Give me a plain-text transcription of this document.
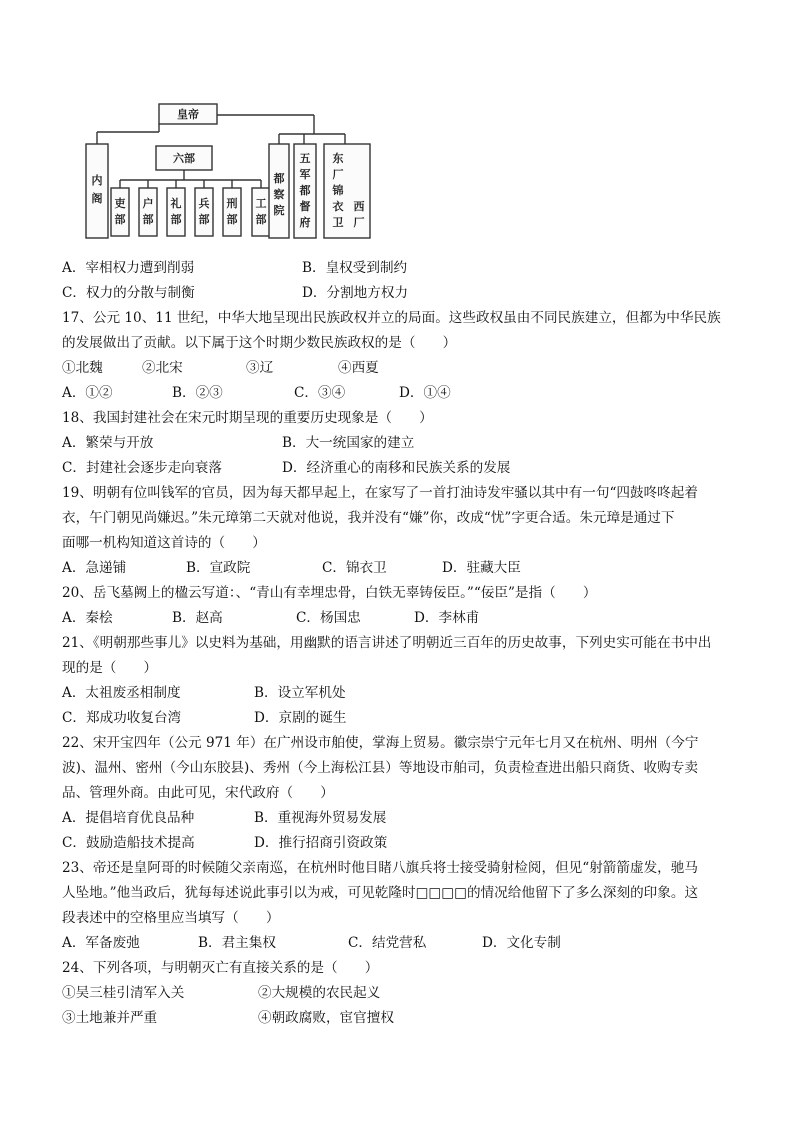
皇帝
六部
内
阁 吏
部
户
部
礼
部
兵
部
刑
部
工
部
都
察
院
五
军
都
督
府
东
厂
锦
衣
卫
西
厂
A．宰相权力遭到削弱	B．皇权受到制约
C．权力的分散与制衡	D．分割地方权力
17、公元 10、11 世纪，中华大地呈现出民族政权并立的局面。这些政权虽由不同民族建立，但都为中华民族
的发展做出了贡献。以下属于这个时期少数民族政权的是（　　）
①北魏	②北宋	③辽	④西夏
A．①②	B．②③	C．③④	D．①④
18、我国封建社会在宋元时期呈现的重要历史现象是（　　）
A．繁荣与开放	B．大一统国家的建立
C．封建社会逐步走向衰落	D．经济重心的南移和民族关系的发展
19、明朝有位叫钱军的官员，因为每天都早起上，在家写了一首打油诗发牢骚以其中有一句“四鼓咚咚起着
衣，午门朝见尚嫌迟。”朱元璋第二天就对他说，我并没有“嫌”你，改成“忧”字更合适。朱元璋是通过下
面哪一机构知道这首诗的（　　）
A．急递铺	B．宣政院	C．锦衣卫	D．驻藏大臣
20、岳飞墓阙上的楹云写道：、“青山有幸埋忠骨，白铁无辜铸佞臣。”“佞臣”是指（　　）
A．秦桧	B．赵高	C．杨国忠	D．李林甫
21、《明朝那些事儿》以史料为基础，用幽默的语言讲述了明朝近三百年的历史故事，下列史实可能在书中出
现的是（　　）
A．太祖废丞相制度	B．设立军机处
C．郑成功收复台湾	D．京剧的诞生
22、宋开宝四年（公元 971 年）在广州设市舶使，掌海上贸易。徽宗崇宁元年七月又在杭州、明州（今宁
波)、温州、密州（今山东胶县)、秀州（今上海松江县）等地设市舶司，负责检查进出船只商货、收购专卖
品、管理外商。由此可见，宋代政府（　　）
A．提倡培育优良品种	B．重视海外贸易发展
C．鼓励造船技术提高	D．推行招商引资政策
23、帝还是皇阿哥的时候随父亲南巡，在杭州时他目睹八旗兵将士接受骑射检阅，但见“射箭箭虚发，驰马
人坠地。”他当政后，犹每每述说此事引以为戒，可见乾隆时□□□□的情况给他留下了多么深刻的印象。这
段表述中的空格里应当填写（　　）
A．军备废弛	B．君主集权	C．结党营私	D．文化专制
24、下列各项，与明朝灭亡有直接关系的是（　　）
①吴三桂引清军入关	②大规模的农民起义
③土地兼并严重	④朝政腐败，宦官擅权
